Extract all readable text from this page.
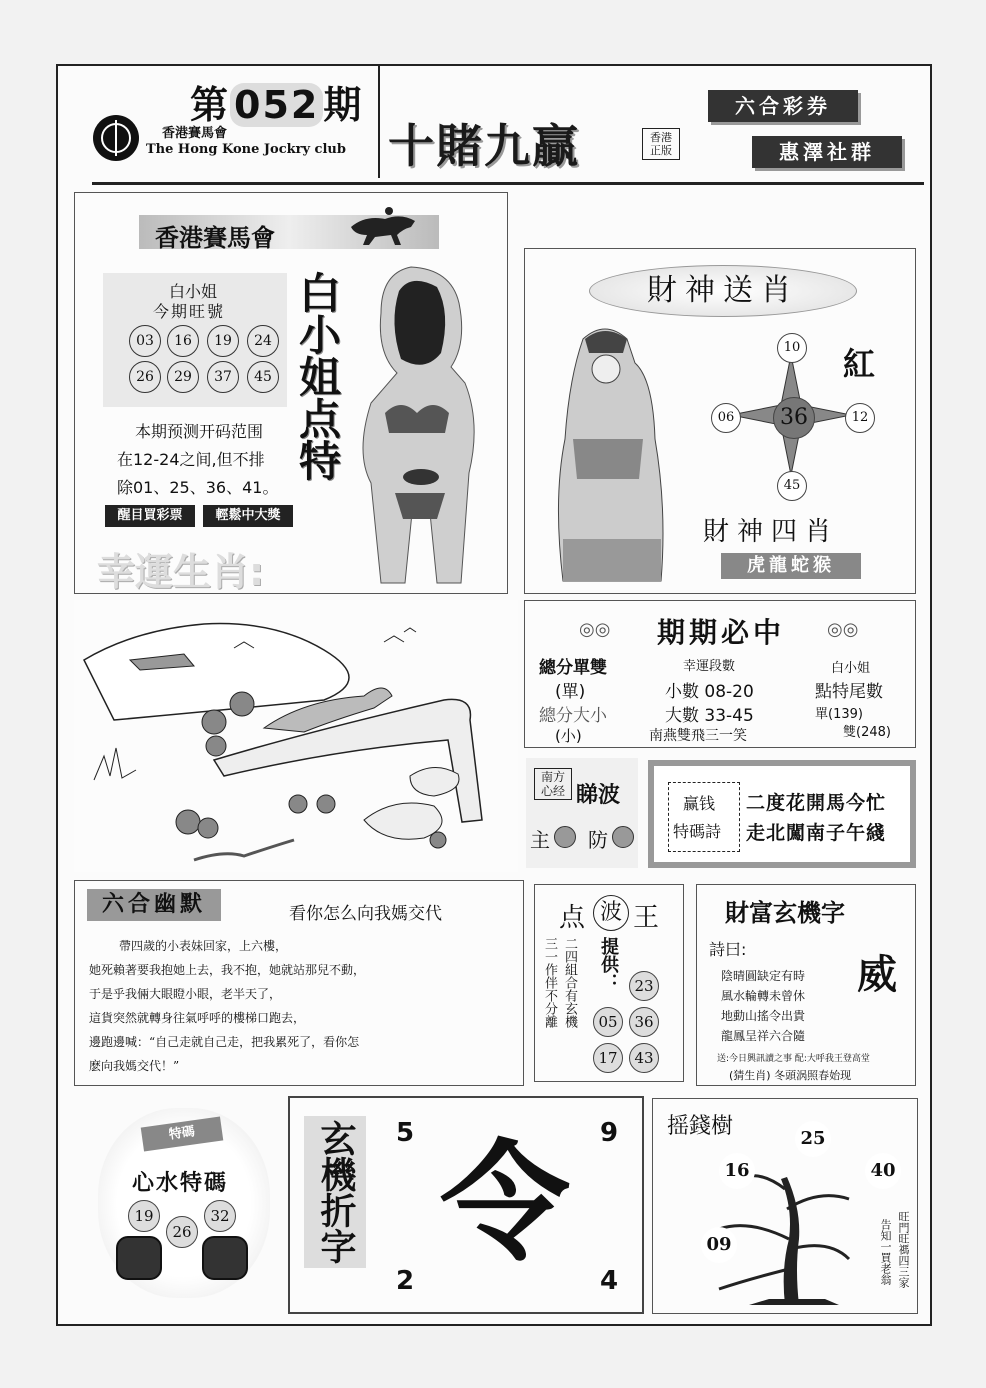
第 052 期
香港賽馬會
The Hong Kone Jockry club 十賭九贏	香港正版
六合彩券
惠澤社群
香港賽馬會
白小姐
今期旺號
03	16	19	24
26	29	37	45 白小姐点特
本期预测开码范围
在12-24之间,但不排
除01、25、36、41。
醒目買彩票	輕鬆中大獎
幸運生肖:
財神送肖
紅
36
10
06	12
45
財神四肖
虎龍蛇猴
◎◎ 期期必中 ◎◎
總分單雙	幸運段數	白小姐
(單)	小數 08-20	點特尾數
總分大小	大數 33-45	單(139)
(小)	南燕雙飛三一笑	雙(248)
南方心经 睇波
主 防
赢钱
特碼詩
二度花開馬今忙
走北闖南子午綫
六合幽默	看你怎么向我媽交代
帶四歲的小表妹回家，上六樓，
她死賴著要我抱她上去，我不抱，她就站那兒不動，
于是乎我倆大眼瞪小眼，老半天了，
這貨突然就轉身往氣呼呼的樓梯口跑去，
邊跑邊喊：“自己走就自己走，把我累死了，看你怎
麽向我媽交代！”
点 波 王
三一作伴不分離 二四組合有玄機 提供：	23
05	36
17	43
財富玄機字
詩曰:
威
陰晴圓缺定有時
風水輪轉未曾休
地動山搖令出貴
龍鳳呈祥六合隨
送:今日興訊讀之事 配:大呼我王登高堂
(猜生肖) 冬頭涡照春始现
特碼
心水特碼
19
26
32	玄機折字	5	9
令
2	4
摇錢樹	25
16	40
09	旺門旺禡四三家
告知一買老翁
